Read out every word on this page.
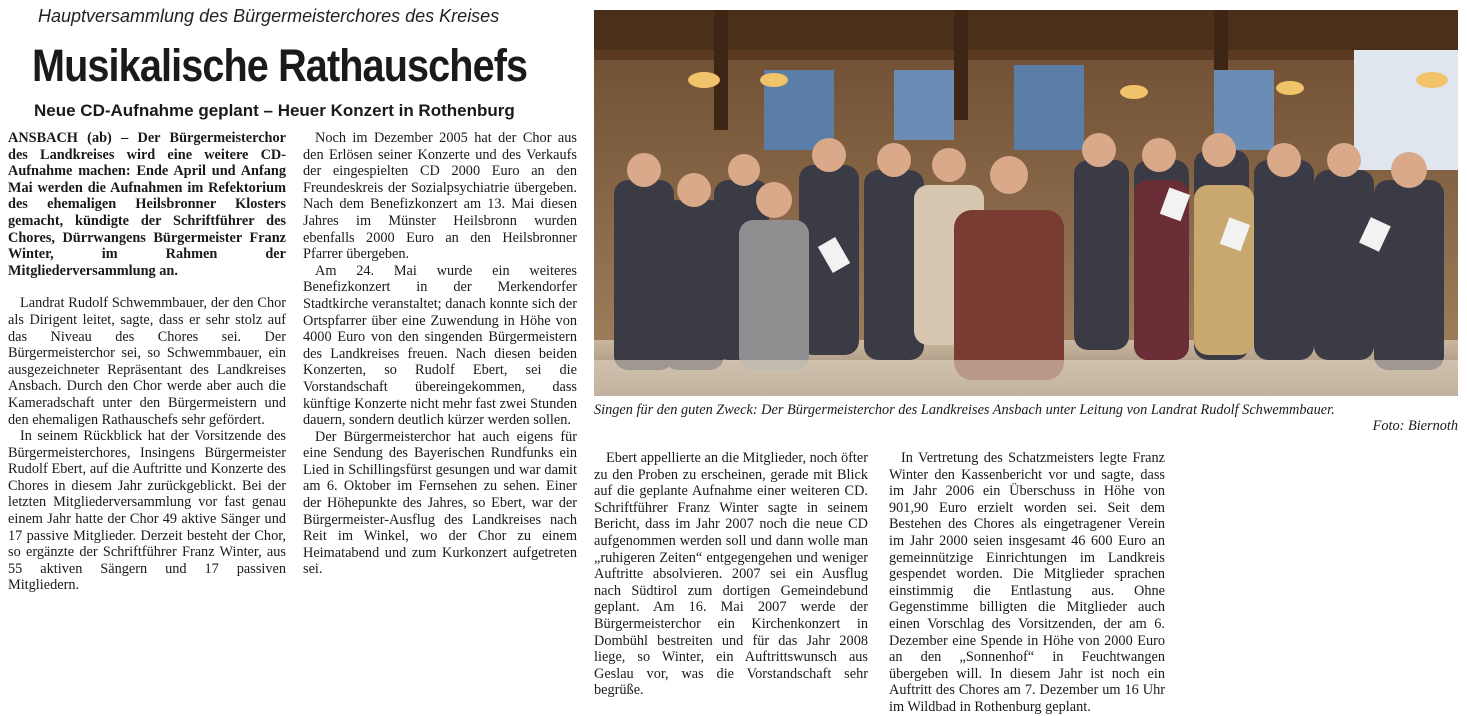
Hauptversammlung des Bürgermeisterchores des Kreises
Musikalische Rathauschefs
Neue CD-Aufnahme geplant – Heuer Konzert in Rothenburg

ANSBACH (ab) – Der Bürgermeisterchor des Landkreises wird eine weitere CD-Aufnahme machen: Ende April und Anfang Mai werden die Aufnahmen im Refektorium des ehemaligen Heilsbronner Klosters gemacht, kündigte der Schriftführer des Chores, Dürrwangens Bürgermeister Franz Winter, im Rahmen der Mitgliederversammlung an.

Landrat Rudolf Schwemmbauer, der den Chor als Dirigent leitet, sagte, dass er sehr stolz auf das Niveau des Chores sei. Der Bürgermeisterchor sei, so Schwemmbauer, ein ausgezeichneter Repräsentant des Landkreises Ansbach. Durch den Chor werde aber auch die Kameradschaft unter den Bürgermeistern und den ehemaligen Rathauschefs sehr gefördert.

In seinem Rückblick hat der Vorsitzende des Bürgermeisterchores, Insingens Bürgermeister Rudolf Ebert, auf die Auftritte und Konzerte des Chores in diesem Jahr zurückgeblickt. Bei der letzten Mitgliederversammlung vor fast genau einem Jahr hatte der Chor 49 aktive Sänger und 17 passive Mitglieder. Derzeit besteht der Chor, so ergänzte der Schriftführer Franz Winter, aus 55 aktiven Sängern und 17 passiven Mitgliedern.

Noch im Dezember 2005 hat der Chor aus den Erlösen seiner Konzerte und des Verkaufs der eingespielten CD 2000 Euro an den Freundeskreis der Sozialpsychiatrie übergeben. Nach dem Benefizkonzert am 13. Mai diesen Jahres im Münster Heilsbronn wurden ebenfalls 2000 Euro an den Heilsbronner Pfarrer übergeben.

Am 24. Mai wurde ein weiteres Benefizkonzert in der Merkendorfer Stadtkirche veranstaltet; danach konnte sich der Ortspfarrer über eine Zuwendung in Höhe von 4000 Euro von den singenden Bürgermeistern des Landkreises freuen. Nach diesen beiden Konzerten, so Rudolf Ebert, sei die Vorstandschaft übereingekommen, dass künftige Konzerte nicht mehr fast zwei Stunden dauern, sondern deutlich kürzer werden sollen.

Der Bürgermeisterchor hat auch eigens für eine Sendung des Bayerischen Rundfunks ein Lied in Schillingsfürst gesungen und war damit am 6. Oktober im Fernsehen zu sehen. Einer der Höhepunkte des Jahres, so Ebert, war der Bürgermeister-Ausflug des Landkreises nach Reit im Winkel, wo der Chor zu einem Heimatabend und zum Kurkonzert aufgetreten sei.

Ebert appellierte an die Mitglieder, noch öfter zu den Proben zu erscheinen, gerade mit Blick auf die geplante Aufnahme einer weiteren CD. Schriftführer Franz Winter sagte in seinem Bericht, dass im Jahr 2007 noch die neue CD aufgenommen werden soll und dann wolle man „ruhigeren Zeiten“ entgegengehen und weniger Auftritte absolvieren. 2007 sei ein Ausflug nach Südtirol zum dortigen Gemeindebund geplant. Am 16. Mai 2007 werde der Bürgermeisterchor ein Kirchenkonzert in Dombühl bestreiten und für das Jahr 2008 liege, so Winter, ein Auftrittswunsch aus Geslau vor, was die Vorstandschaft sehr begrüße.

In Vertretung des Schatzmeisters legte Franz Winter den Kassenbericht vor und sagte, dass im Jahr 2006 ein Überschuss in Höhe von 901,90 Euro erzielt worden sei. Seit dem Bestehen des Chores als eingetragener Verein im Jahr 2000 seien insgesamt 46 600 Euro an gemeinnützige Einrichtungen im Landkreis gespendet worden. Die Mitglieder sprachen einstimmig die Entlastung aus. Ohne Gegenstimme billigten die Mitglieder auch einen Vorschlag des Vorsitzenden, der am 6. Dezember eine Spende in Höhe von 2000 Euro an den „Sonnenhof“ in Feuchtwangen übergeben will. In diesem Jahr ist noch ein Auftritt des Chores am 7. Dezember um 16 Uhr im Wildbad in Rothenburg geplant.

Singen für den guten Zweck: Der Bürgermeisterchor des Landkreises Ansbach unter Leitung von Landrat Rudolf Schwemmbauer.
Foto: Biernoth
